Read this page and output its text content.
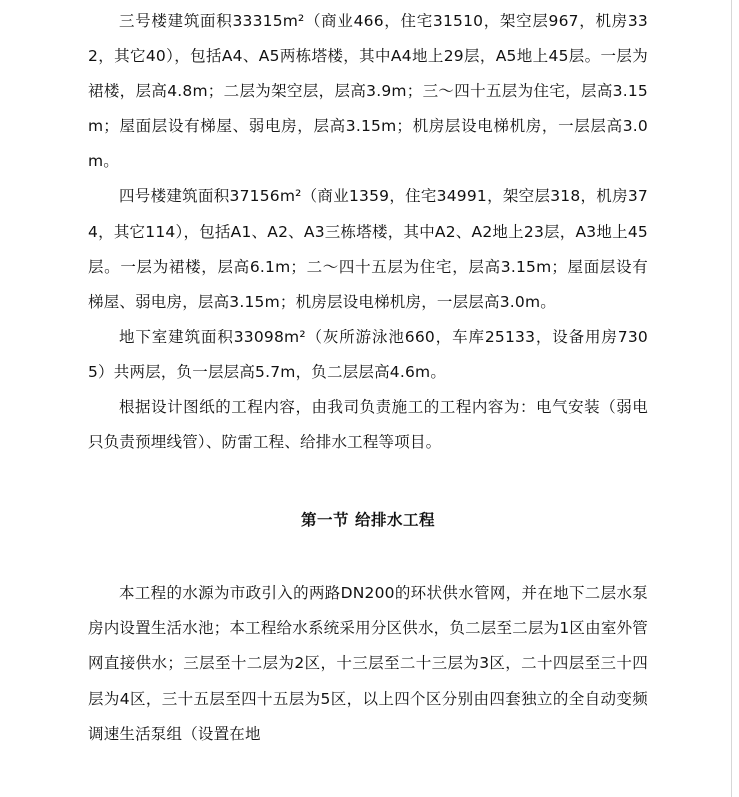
三号楼建筑面积33315m²（商业466，住宅31510，架空层967，机房332，其它40），包括A4、A5两栋塔楼，其中A4地上29层，A5地上45层。一层为裙楼，层高4.8m；二层为架空层，层高3.9m；三～四十五层为住宅，层高3.15m；屋面层设有梯屋、弱电房，层高3.15m；机房层设电梯机房，一层层高3.0m。

四号楼建筑面积37156m²（商业1359，住宅34991，架空层318，机房374，其它114），包括A1、A2、A3三栋塔楼，其中A2、A2地上23层，A3地上45层。一层为裙楼，层高6.1m；二～四十五层为住宅，层高3.15m；屋面层设有梯屋、弱电房，层高3.15m；机房层设电梯机房，一层层高3.0m。

地下室建筑面积33098m²（灰所游泳池660，车库25133，设备用房7305）共两层，负一层层高5.7m，负二层层高4.6m。

根据设计图纸的工程内容，由我司负责施工的工程内容为：电气安装（弱电只负责预埋线管）、防雷工程、给排水工程等项目。

第一节 给排水工程

本工程的水源为市政引入的两路DN200的环状供水管网，并在地下二层水泵房内设置生活水池；本工程给水系统采用分区供水，负二层至二层为1区由室外管网直接供水；三层至十二层为2区，十三层至二十三层为3区，二十四层至三十四层为4区，三十五层至四十五层为5区，以上四个区分别由四套独立的全自动变频调速生活泵组（设置在地
